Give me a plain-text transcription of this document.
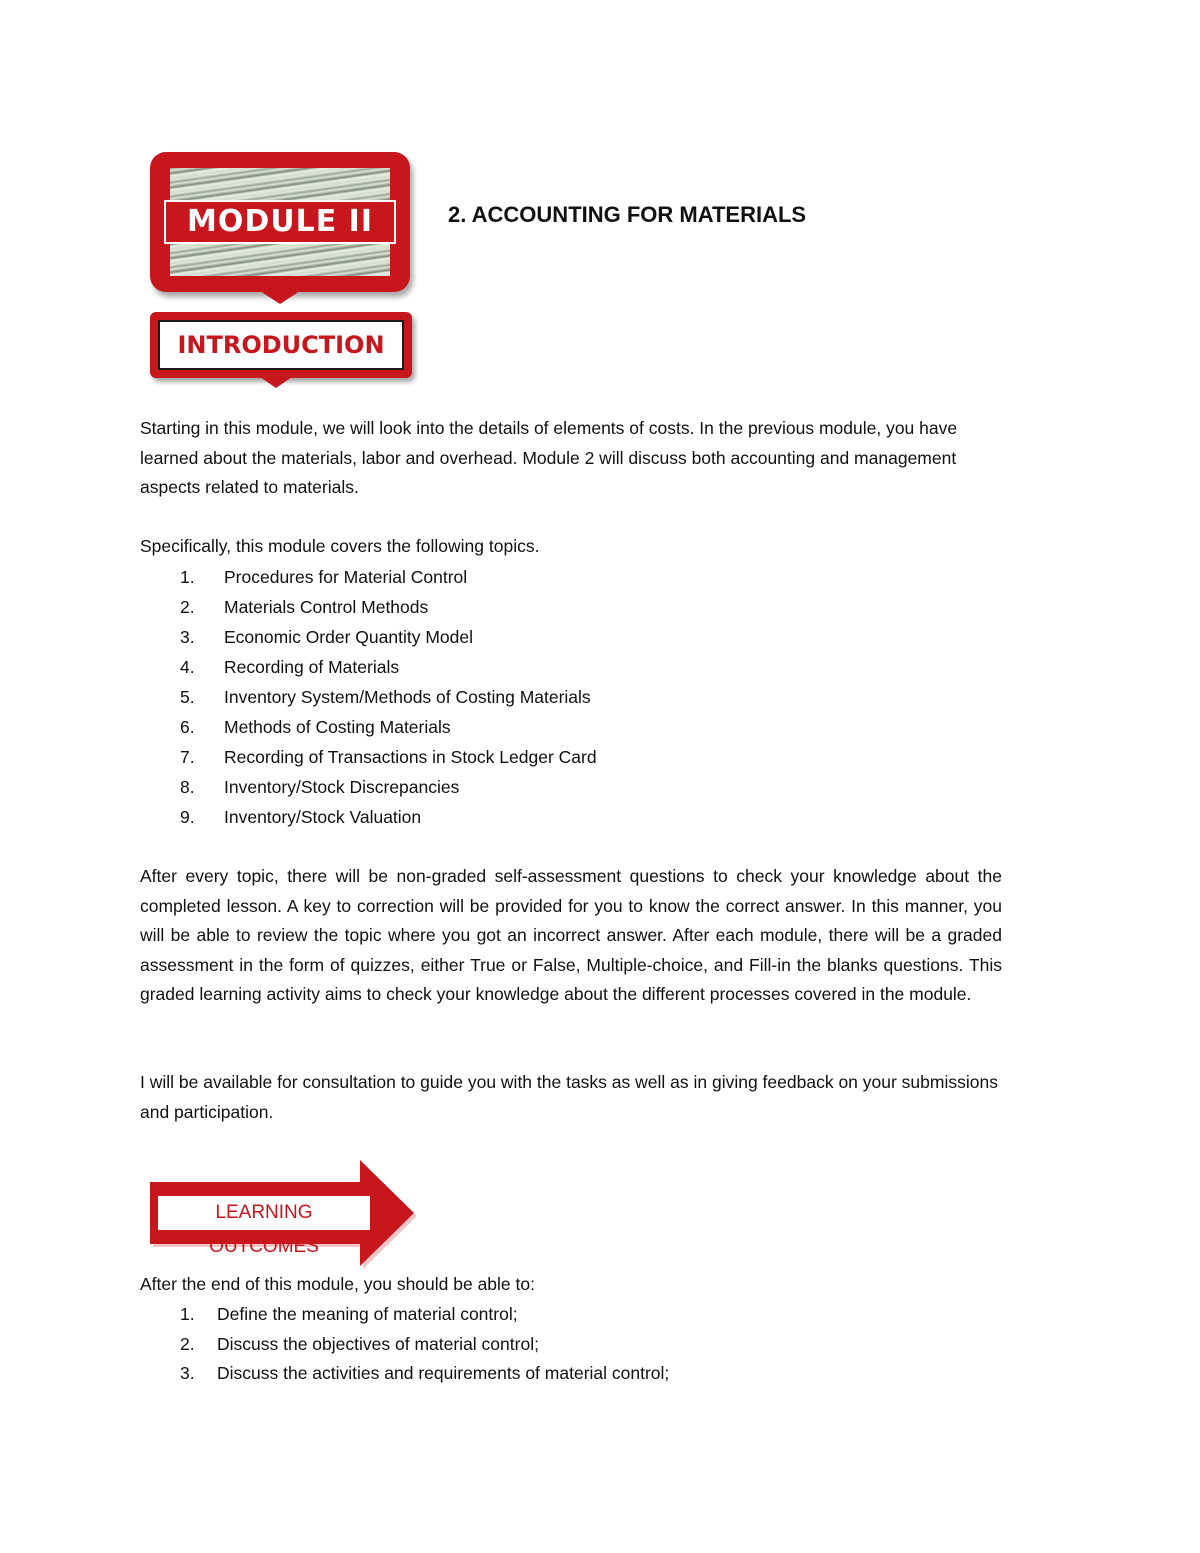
MODULE II	2. ACCOUNTING FOR MATERIALS
INTRODUCTION

Starting in this module, we will look into the details of elements of costs. In the previous module, you have learned about the materials, labor and overhead. Module 2 will discuss both accounting and management aspects related to materials.

Specifically, this module covers the following topics.

1.	Procedures for Material Control
2.	Materials Control Methods
3.	Economic Order Quantity Model
4.	Recording of Materials
5.	Inventory System/Methods of Costing Materials
6.	Methods of Costing Materials
7.	Recording of Transactions in Stock Ledger Card
8.	Inventory/Stock Discrepancies
9.	Inventory/Stock Valuation

After every topic, there will be non-graded self-assessment questions to check your knowledge about the completed lesson. A key to correction will be provided for you to know the correct answer. In this manner, you will be able to review the topic where you got an incorrect answer. After each module, there will be a graded assessment in the form of quizzes, either True or False, Multiple-choice, and Fill-in the blanks questions. This graded learning activity aims to check your knowledge about the different processes covered in the module.

I will be available for consultation to guide you with the tasks as well as in giving feedback on your submissions and participation.

LEARNING OUTCOMES

After the end of this module, you should be able to:

1.	Define the meaning of material control;
2.	Discuss the objectives of material control;
3.	Discuss the activities and requirements of material control;
